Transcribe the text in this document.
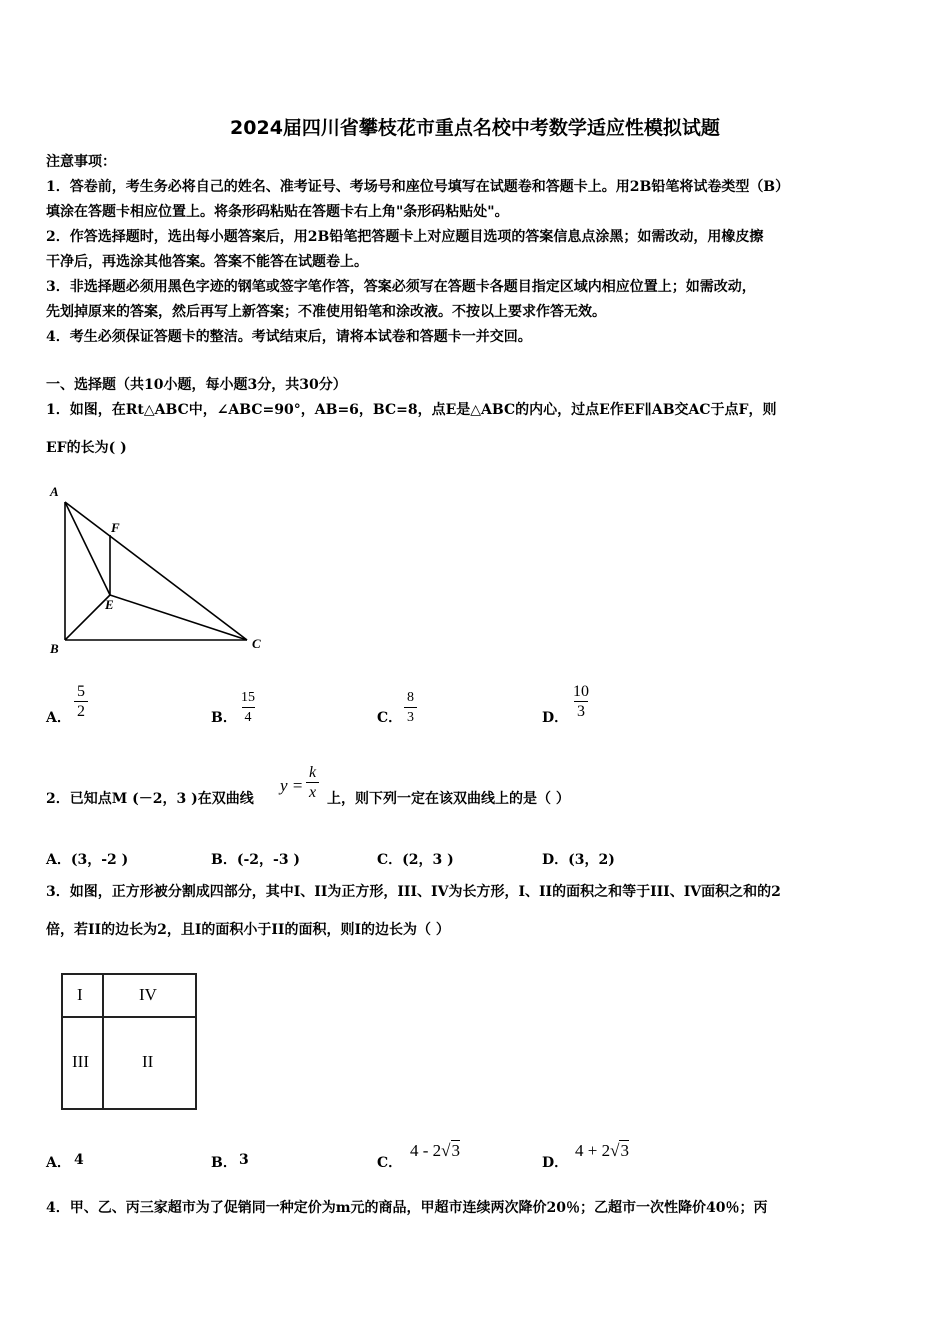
2024届四川省攀枝花市重点名校中考数学适应性模拟试题
注意事项：
1．答卷前，考生务必将自己的姓名、准考证号、考场号和座位号填写在试题卷和答题卡上。用2B铅笔将试卷类型（B）
填涂在答题卡相应位置上。将条形码粘贴在答题卡右上角"条形码粘贴处"。
2．作答选择题时，选出每小题答案后，用2B铅笔把答题卡上对应题目选项的答案信息点涂黑；如需改动，用橡皮擦
干净后，再选涂其他答案。答案不能答在试题卷上。
3．非选择题必须用黑色字迹的钢笔或签字笔作答，答案必须写在答题卡各题目指定区域内相应位置上；如需改动，
先划掉原来的答案，然后再写上新答案；不准使用铅笔和涂改液。不按以上要求作答无效。
4．考生必须保证答题卡的整洁。考试结束后，请将本试卷和答题卡一并交回。
一、选择题（共10小题，每小题3分，共30分）
1．如图，在Rt△ABC中，∠ABC=90°，AB=6，BC=8，点E是△ABC的内心，过点E作EF∥AB交AC于点F，则
EF的长为( )
A
F
E
B	C
A． $\frac{5}{2}$	B． $\frac{15}{4}$	C． $\frac{8}{3}$	D． $\frac{10}{3}$
2．已知点M (－2，3 )在双曲线
$y = \frac{k}{x}$ 上，则下列一定在该双曲线上的是（ ）
A．(3，-2 )	B．(-2，-3 )	C．(2，3 )	D．(3，2)
3．如图，正方形被分割成四部分，其中I、II为正方形，III、IV为长方形，I、II的面积之和等于III、IV面积之和的2
倍，若II的边长为2，且I的面积小于II的面积，则I的边长为（ ）
I	IV
III	II
A． 4	B． 3	C．
4 - 2√3
D．
4 + 2√3
4．甲、乙、丙三家超市为了促销同一种定价为m元的商品，甲超市连续两次降价20％；乙超市一次性降价40％；丙
